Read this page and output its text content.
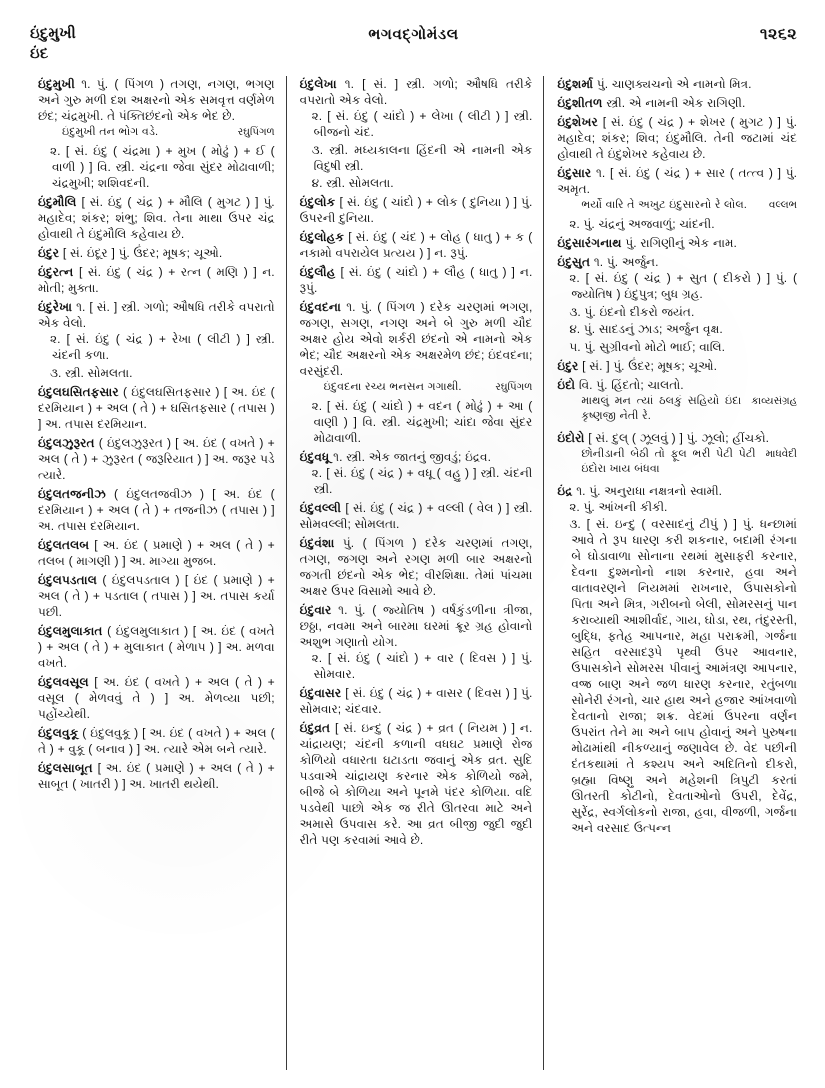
ઇંદુમુખી
ઇંદ
ભગવદ્ગોમંડલ	૧૨૬૨
ઇંદુમુખી ૧. પું. ( પિંગળ ) તગણ, નગણ, ભગણ અને ગુરુ મળી દશ અક્ષરનો એક સમવૃત્ત વર્ણમેળ છંદ; ચંદ્રમુખી. તે પંક્તિછંદનો એક ભેદ છે.
રઘુપિંગળ
ઇંદુમુખી તન ભોગ વડે.
૨. [ સં. ઇંદુ ( ચંદ્રમા ) + મુખ ( મોઢું ) + ઈ ( વાળી ) ] વિ. સ્ત્રી. ચંદ્રના જેવા સુંદર મોઢાવાળી; ચંદ્રમુખી; શશિવદની.
ઇંદુમૌલિ [ સં. ઇંદુ ( ચંદ્ર ) + મૌલિ ( મુગટ ) ] પું. મહાદેવ; શંકર; શંભુ; શિવ. તેના માથા ઉપર ચંદ્ર હોવાથી તે ઇંદુમૌલિ કહેવાય છે.
ઇંદુર [ સં. ઇંદૂર ] પું. ઉંદર; મૂષક; ચૂઓ.
ઇંદુરત્ન [ સં. ઇંદુ ( ચંદ્ર ) + રત્ન ( મણિ ) ] ન. મોતી; મુક્તા.
ઇંદુરેખા ૧. [ સં. ] સ્ત્રી. ગળો; ઔષધિ તરીકે વપરાતો એક વેલો.
૨. [ સં. ઇંદુ ( ચંદ્ર ) + રેખા ( લીટી ) ] સ્ત્રી. ચંદની કળા.
૩. સ્ત્રી. સોમલતા.
ઇંદુલઘસિતફસાર ( ઇંદુલઘસિતફસાર ) [ અ. ઇંદ ( દરમિયાન ) + અલ ( તે ) + ઘસિતફસાર ( તપાસ ) ] અ. તપાસ દરમિયાન.
ઇંદુલઝુરૂરત ( ઇંદુલઝુરૂરત ) [ અ. ઇંદ ( વખતે ) + અલ ( તે ) + ઝુરૂરત ( જરૂરિયાત ) ] અ. જરૂર પડે ત્યારે.
ઇંદુલતજનીઝ ( ઇંદુલતજવીઝ ) [ અ. ઇંદ ( દરમિયાન ) + અલ ( તે ) + તજનીઝ ( તપાસ ) ] અ. તપાસ દરમિયાન.
ઇંદુલતલબ [ અ. ઇંદ ( પ્રમાણે ) + અલ ( તે ) + તલબ ( માગણી ) ] અ. માગ્યા મુજબ.
ઇંદુલપડતાલ ( ઇંદુલપડતાલ ) [ ઇંદ ( પ્રમાણે ) + અલ ( તે ) + પડતાલ ( તપાસ ) ] અ. તપાસ કર્યા પછી.
ઇંદુલમુલાકાત ( ઇંદુલમુલાકાત ) [ અ. ઇંદ ( વખતે ) + અલ ( તે ) + મુલાકાત ( મેળાપ ) ] અ. મળવા વખતે.
ઇંદુલવસૂલ [ અ. ઇંદ ( વખતે ) + અલ ( તે ) + વસૂલ ( મેળવવું તે ) ] અ. મેળવ્યા પછી; પહોંચ્યેથી.
ઇંદુલવુકૂ ( ઇંદુલવુકૂ ) [ અ. ઇંદ ( વખતે ) + અલ ( તે ) + વુકૂ ( બનાવ ) ] અ. ત્યારે એમ બને ત્યારે.
ઇંદુલસાબૂત [ અ. ઇંદ ( પ્રમાણે ) + અલ ( તે ) + સાબૂત ( ખાતરી ) ] અ. ખાતરી થયેથી.
ઇંદુલેખા ૧. [ સં. ] સ્ત્રી. ગળો; ઔષધિ તરીકે વપરાતો એક વેલો.
૨. [ સં. ઇંદુ ( ચાંદો ) + લેખા ( લીટી ) ] સ્ત્રી. બીજનો ચંદ.
૩. સ્ત્રી. મધ્યકાલના હિંદની એ નામની એક વિદુષી સ્ત્રી.
૪. સ્ત્રી. સોમલતા.
ઇંદુલોક [ સં. ઇંદુ ( ચાંદો ) + લોક ( દુનિયા ) ] પું. ઉપરની દુનિયા.
ઇંદુલોહક [ સં. ઇંદુ ( ચંદ ) + લોહ ( ધાતુ ) + ક ( નકામો વપરાયેલ પ્રત્યય ) ] ન. રૂપું.
ઇંદુલૌહ [ સં. ઇંદુ ( ચાંદો ) + લૌહ ( ધાતુ ) ] ન. રૂપું.
ઇંદુવદના ૧. પું. ( પિંગળ ) દરેક ચરણમાં ભગણ, જગણ, સગણ, નગણ અને બે ગુરુ મળી ચૌદ અક્ષર હોય એવો શર્કરી છંદનો એ નામનો એક ભેદ; ચૌદ અક્ષરનો એક અક્ષરમેળ છંદ; ઇંદવદના; વરસુંદરી.
રઘુપિંગળ
ઇંદુવદના રચ્ય ભનસન ગગાથી.
૨. [ સં. ઇંદુ ( ચાંદો ) + વદન ( મોઢું ) + આ ( વાણી ) ] વિ. સ્ત્રી. ચંદ્રમુખી; ચાંદા જેવા સુંદર મોઢાવાળી.
ઇંદુવધૂ ૧. સ્ત્રી. એક જાતનું જીવડું; ઇંદ્રવ.
૨. [ સં. ઇંદુ ( ચંદ્ર ) + વધૂ ( વહુ ) ] સ્ત્રી. ચંદની સ્ત્રી.
ઇંદુવલ્લી [ સં. ઇંદુ ( ચંદ્ર ) + વલ્લી ( વેલ ) ] સ્ત્રી. સોમવલ્લી; સોમલતા.
ઇંદુવંશા પું. ( પિંગળ ) દરેક ચરણમાં તગણ, તગણ, જગણ અને રગણ મળી બાર અક્ષરનો જગતી છંદનો એક ભેદ; વીરશિક્ષા. તેમાં પાંચમા અક્ષર ઉપર વિસામો આવે છે.
ઇંદુવાર ૧. પું. ( જ્યોતિષ ) વર્ષકુંડળીના ત્રીજા, છઠ્ઠા, નવમા અને બારમા ઘરમાં ક્રૂર ગ્રહ હોવાનો અશુભ ગણાતો યોગ.
૨. [ સં. ઇંદુ ( ચાંદો ) + વાર ( દિવસ ) ] પું. સોમવાર.
ઇંદુવાસર [ સં. ઇંદુ ( ચંદ્ર ) + વાસર ( દિવસ ) ] પું. સોમવાર; ચંદવાર.
ઇંદુવ્રત [ સં. ઇન્દુ ( ચંદ્ર ) + વ્રત ( નિયમ ) ] ન. ચાંદ્રાયણ; ચંદની કળાની વધઘટ પ્રમાણે રોજ કોળિયો વધારતા ઘટાડતા જવાનું એક વ્રત. સુદિ પડવાએ ચાંદ્રાયણ કરનાર એક કોળિયો જમે, બીજે બે કોળિયા અને પૂનમે પંદર કોળિયા. વદિ પડવેથી પાછો એક જ રીતે ઊતરવા માટે અને અમાસે ઉપવાસ કરે. આ વ્રત બીજી જુદી જુદી રીતે પણ કરવામાં આવે છે.
ઇંદુશર્મા પું. ચાણક્યચનો એ નામનો મિત્ર.
ઇંદુશીતળ સ્ત્રી. એ નામની એક રાગિણી.
ઇંદુશેખર [ સં. ઇંદુ ( ચંદ્ર ) + શેખર ( મુગટ ) ] પું. મહાદેવ; શંકર; શિવ; ઇંદુમૌલિ. તેની જટામાં ચંદ હોવાથી તે ઇંદુશેખર કહેવાય છે.
ઇંદુસાર ૧. [ સં. ઇંદુ ( ચંદ્ર ) + સાર ( તત્ત્વ ) ] પું. અમૃત.
વલ્લભ
ભર્યો વારિ તે અખુટ ઇંદુસારનો રે લોલ.
૨. પું. ચંદ્રનું અજવાળું; ચાંદની.
ઇંદુસારંગનાથ પું. રાગિણીનું એક નામ.
ઇંદુસુત ૧. પું. અર્જુન.
૨. [ સં. ઇંદુ ( ચંદ્ર ) + સુત ( દીકરો ) ] પું. ( જ્યોતિષ ) ઇંદુપુત્ર; બુધ ગ્રહ.
૩. પું. ઇંદનો દીકરો જયંત.
૪. પું. સાદડનું ઝાડ; અર્જુન વૃક્ષ.
૫. પું. સુગ્રીવનો મોટો ભાઈ; વાલિ.
ઇંદુર [ સં. ] પું. ઉંદર; મૂષક; ચૂઓ.
ઇંદો વિ. પું. હિંદતો; ચાલતો.
કાવ્યસંગ્રહ
માથલું મન ત્યાં ઠલકું સહિયો ઇંદા કૃષ્ણજી નેતી રે.
ઇંદોરો [ સં. દુલ્ ( ઝૂલવું ) ] પું. ઝૂલો; હીંચકો.
માધવેદી
છોનીડાની બેઠી તો ફૂલ ભરી પેટી પેટી ઇંદોરા ખાય બંધવા
ઇંદ્ર ૧. પું. અનુરાધા નક્ષત્રનો સ્વામી.
૨. પું. આંખની કીકી.
૩. [ સં. ઇન્દુ ( વરસાદનું ટીપું ) ] પું. ધન્છામાં આવે તે રૂપ ધારણ કરી શકનાર, બદામી રંગના બે ઘોડાવાળા સોનાના રથમાં મુસાફરી કરનાર, દેવના દુશ્મનોનો નાશ કરનાર, હવા અને વાતાવરણને નિયમમાં રાખનાર, ઉપાસકોનો પિતા અને મિત્ર, ગરીબનો બેલી, સોમરસનું પાન કરાવ્યાથી આશીર્વાદ, ગાય, ઘોડા, રથ, તંદુરસ્તી, બુદ્ધિ, ફતેહ આપનાર, મહા પરાક્રમી, ગર્જના સહિત વરસાદરૂપે પૃથ્વી ઉપર આવનાર, ઉપાસકોને સોમરસ પીવાનું આમંત્રણ આપનાર, વજ્ર બાણ અને જળ ધારણ કરનાર, રતુંબળા સોનેરી રંગનો, ચાર હાથ અને હજાર આંખવાળો દેવતાનો રાજા; શક્ર. વેદમાં ઉપરના વર્ણન ઉપરાંત તેને મા અને બાપ હોવાનું અને પુરુષના મોઢામાંથી નીકળ્યાનું જણાવેલ છે. વેદ પછીની દંતકથામાં તે કશ્યપ અને અદિતિનો દીકરો, બ્રહ્મા વિષ્ણુ અને મહેશની ત્રિપુટી કરતાં ઊતરતી કોટીનો, દેવતાઓનો ઉપરી, દેવેંદ્ર, સુરેંદ્ર, સ્વર્ગલોકનો રાજા, હવા, વીજળી, ગર્જના અને વરસાદ ઉત્પન્ન
